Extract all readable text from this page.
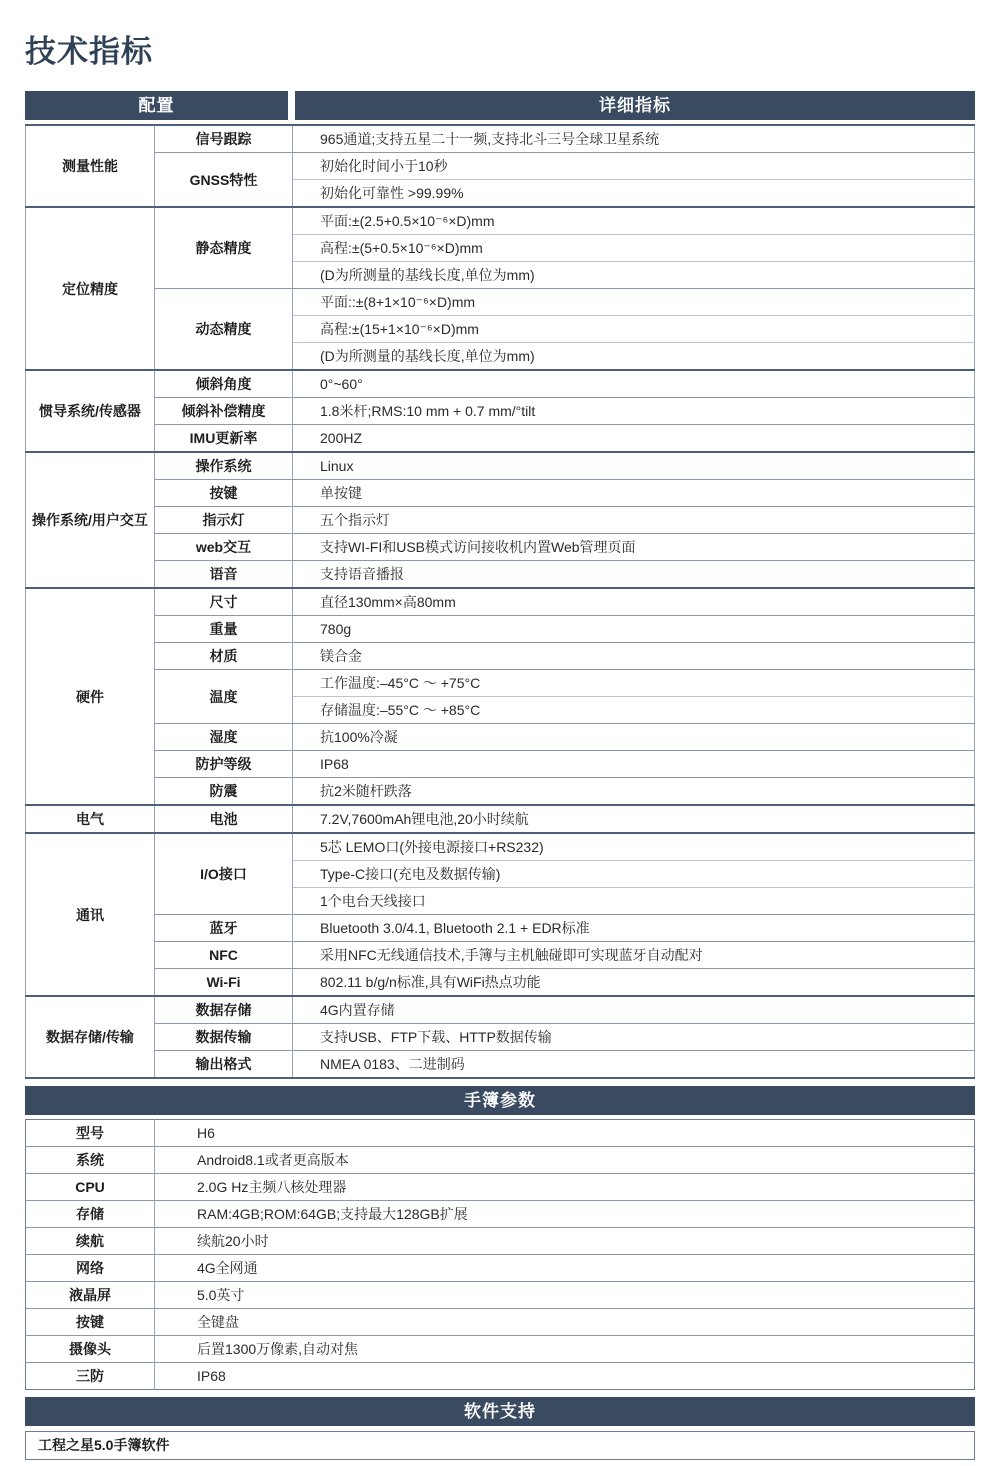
技术指标
配置	详细指标
测量性能	信号跟踪	965通道;支持五星二十一频,支持北斗三号全球卫星系统
	GNSS特性	初始化时间小于10秒
		初始化可靠性 >99.99%
定位精度	静态精度	平面:±(2.5+0.5×10⁻⁶×D)mm
		高程:±(5+0.5×10⁻⁶×D)mm
		(D为所测量的基线长度,单位为mm)
	动态精度	平面::±(8+1×10⁻⁶×D)mm
		高程:±(15+1×10⁻⁶×D)mm
		(D为所测量的基线长度,单位为mm)
惯导系统/传感器	倾斜角度	0°~60°
	倾斜补偿精度	1.8米杆;RMS:10 mm + 0.7 mm/°tilt
	IMU更新率	200HZ
操作系统/用户交互	操作系统	Linux
	按键	单按键
	指示灯	五个指示灯
	web交互	支持WI-FI和USB模式访问接收机内置Web管理页面
	语音	支持语音播报
硬件	尺寸	直径130mm×高80mm
	重量	780g
	材质	镁合金
	温度	工作温度:–45°C ～ +75°C
		存储温度:–55°C ～ +85°C
	湿度	抗100%冷凝
	防护等级	IP68
	防震	抗2米随杆跌落
电气	电池	7.2V,7600mAh锂电池,20小时续航
通讯	I/O接口	5芯 LEMO口(外接电源接口+RS232)
		Type-C接口(充电及数据传输)
		1个电台天线接口
	蓝牙	Bluetooth 3.0/4.1, Bluetooth 2.1 + EDR标准
	NFC	采用NFC无线通信技术,手簿与主机触碰即可实现蓝牙自动配对
	Wi-Fi	802.11 b/g/n标准,具有WiFi热点功能
数据存储/传输	数据存储	4G内置存储
	数据传输	支持USB、FTP下载、HTTP数据传输
	输出格式	NMEA 0183、二进制码
手簿参数
型号	H6
系统	Android8.1或者更高版本
CPU	2.0G Hz主频八核处理器
存储	RAM:4GB;ROM:64GB;支持最大128GB扩展
续航	续航20小时
网络	4G全网通
液晶屏	5.0英寸
按键	全键盘
摄像头	后置1300万像素,自动对焦
三防	IP68
软件支持
工程之星5.0手簿软件
